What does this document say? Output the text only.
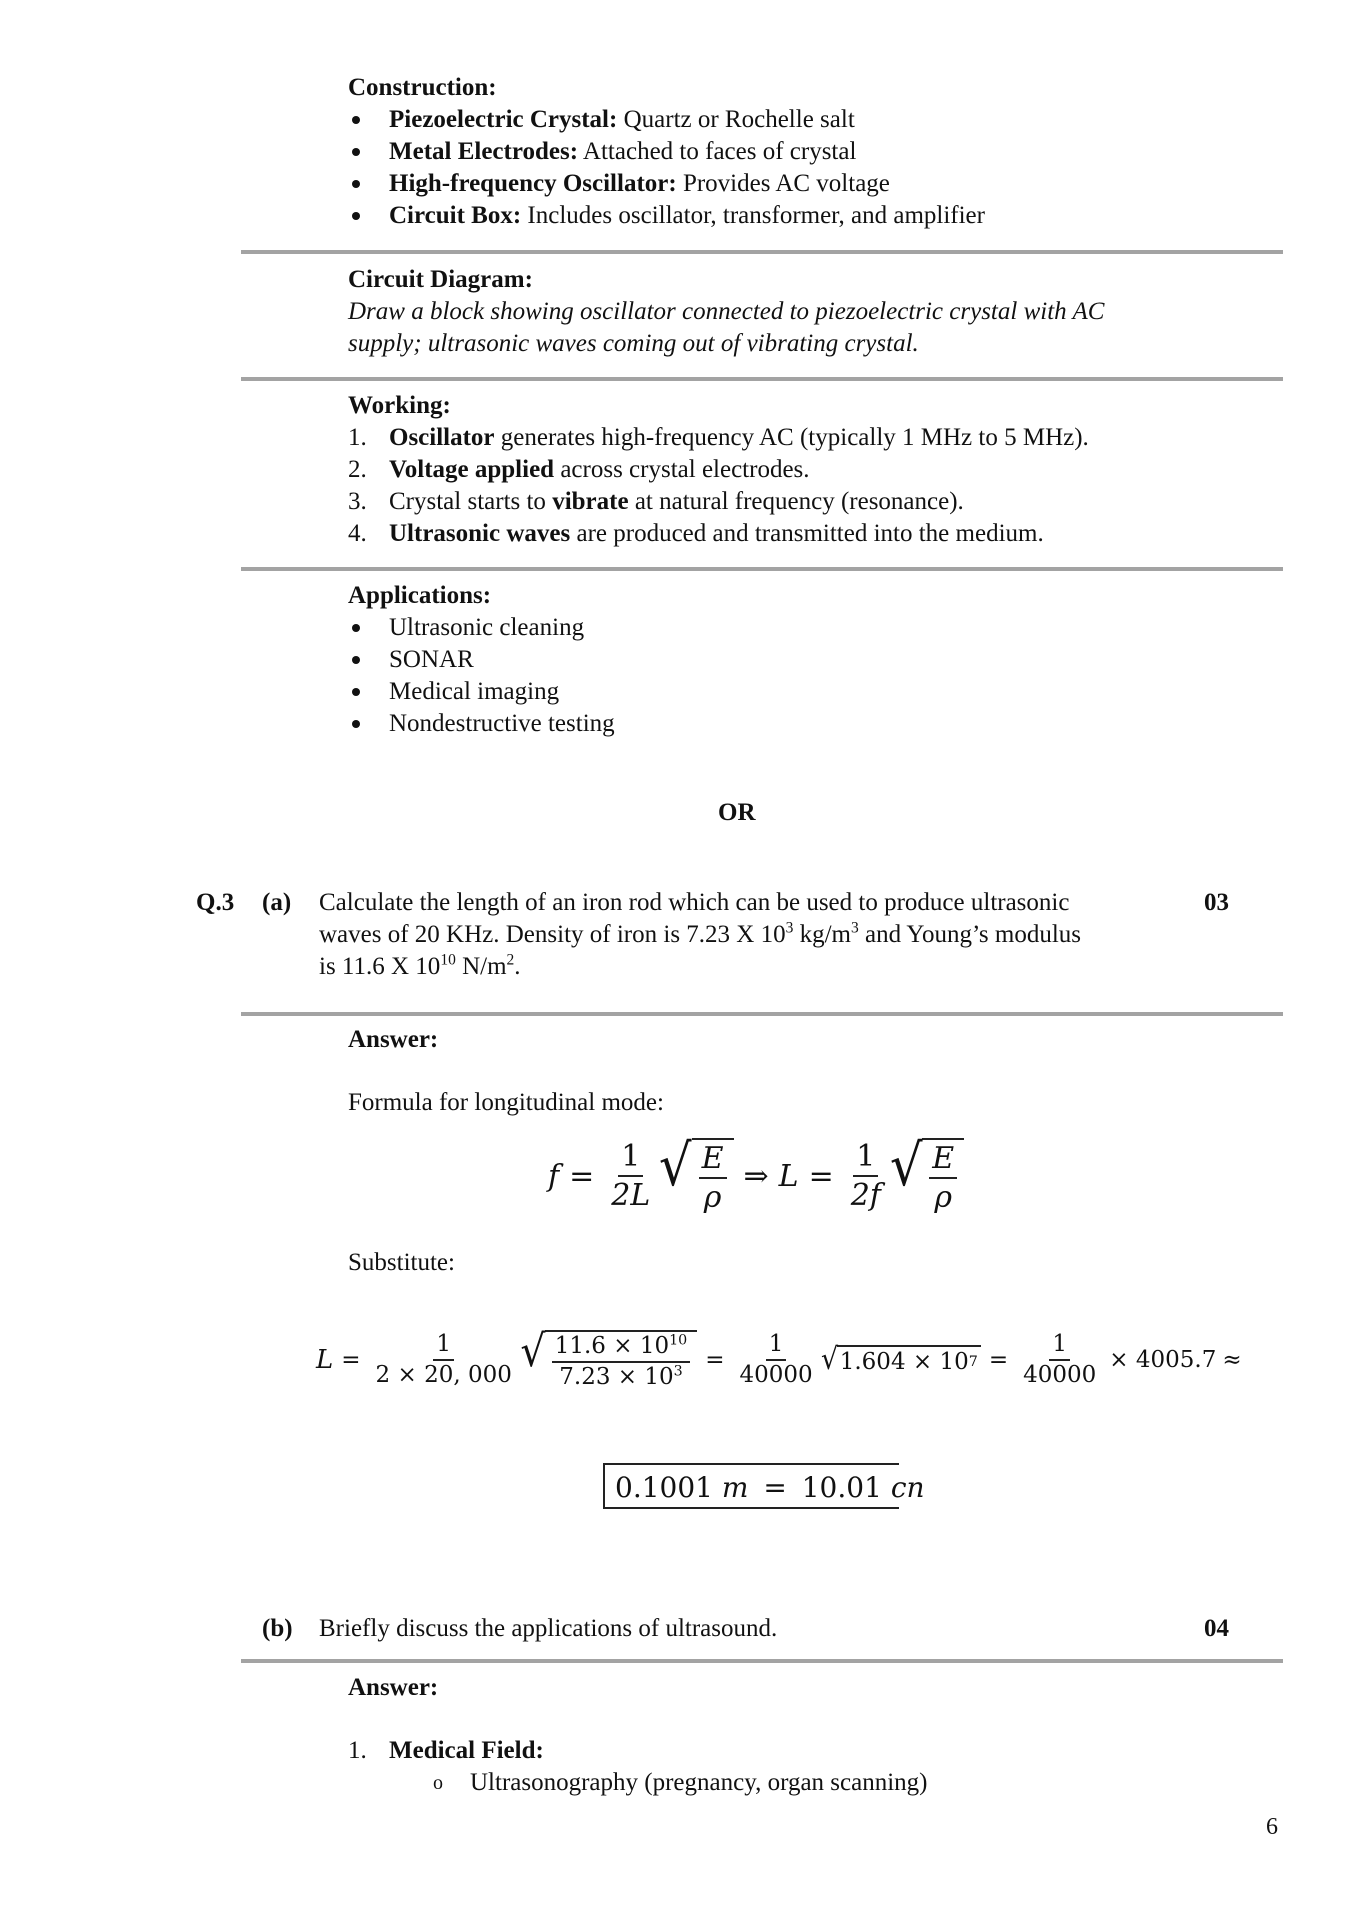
Construction:
Piezoelectric Crystal: Quartz or Rochelle salt
Metal Electrodes: Attached to faces of crystal
High-frequency Oscillator: Provides AC voltage
Circuit Box: Includes oscillator, transformer, and amplifier
Circuit Diagram:
Draw a block showing oscillator connected to piezoelectric crystal with AC
supply; ultrasonic waves coming out of vibrating crystal.
Working:
1. Oscillator generates high-frequency AC (typically 1 MHz to 5 MHz).
2. Voltage applied across crystal electrodes.
3. Crystal starts to vibrate at natural frequency (resonance).
4. Ultrasonic waves are produced and transmitted into the medium.
Applications:
Ultrasonic cleaning
SONAR
Medical imaging
Nondestructive testing
OR
Q.3 (a) Calculate the length of an iron rod which can be used to produce ultrasonic
waves of 20 KHz. Density of iron is 7.23 X $10^3$ $kg/m^3$ and Young’s modulus
is 11.6 X $10^{10}$ $N/m^2$.
03
Answer:
Formula for longitudinal mode:
$f = \frac{1}{2L}$ √ $\frac{E}{\rho}$ ⇒ $L = \frac{1}{2f}$ √ $\frac{E}{\rho}$
Substitute:
$L = \frac{1}{2 \times 20, 000}$ √ $\frac{11.6 \times 10^{10}}{7.23 \times 10^3} = \frac{1}{40000}$ √ 1.604 × 10 $7 = \frac{1}{40000} \times 4005.7$ ≈
0.1001 m = 10.01 cn
(b) Briefly discuss the applications of ultrasound.	04
Answer:
1. Medical Field:
o Ultrasonography (pregnancy, organ scanning)
6
